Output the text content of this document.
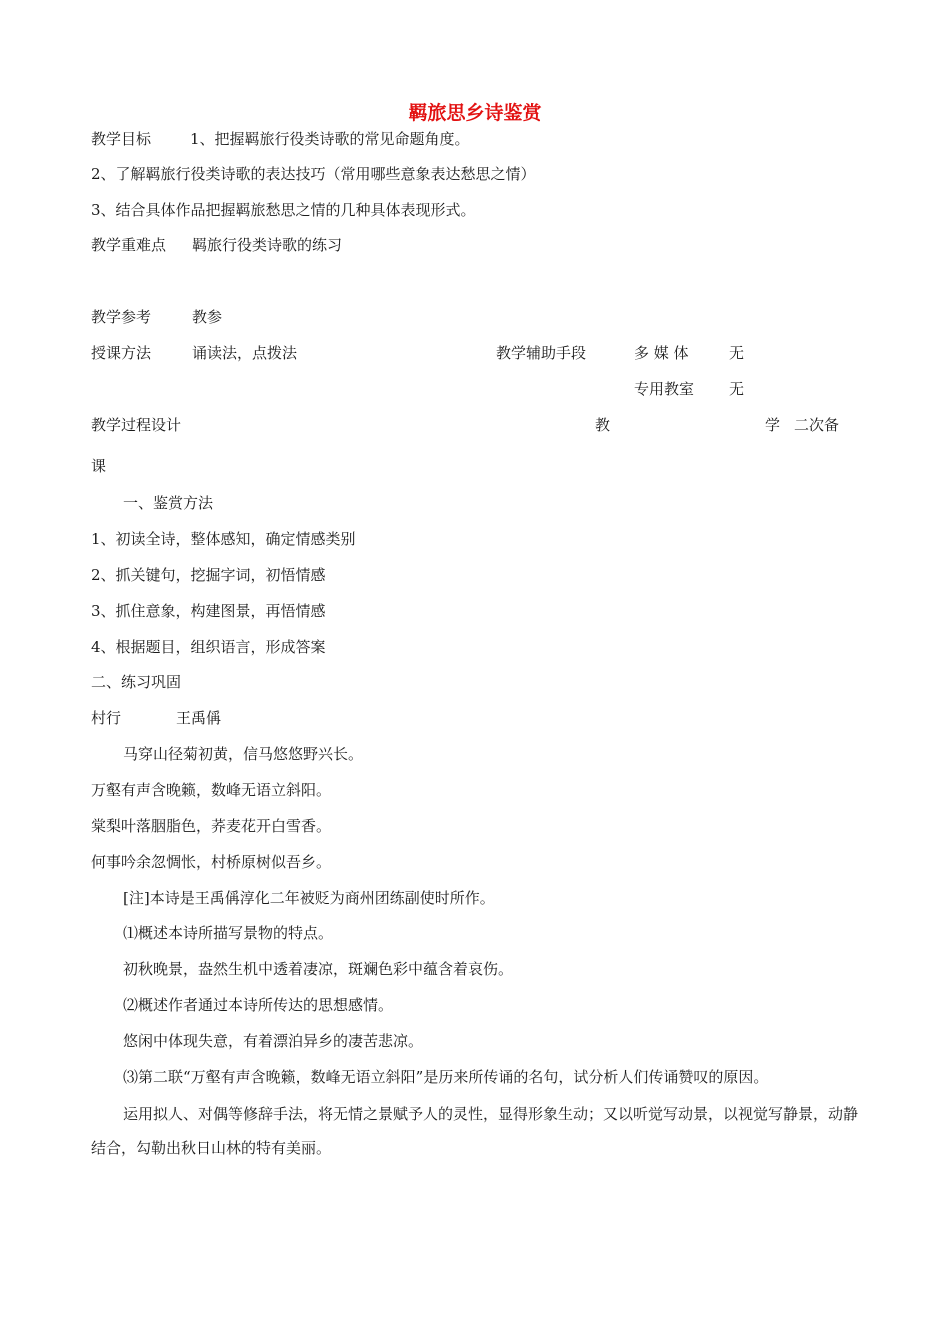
羁旅思乡诗鉴赏
教学目标	1、把握羁旅行役类诗歌的常见命题角度。
2、了解羁旅行役类诗歌的表达技巧（常用哪些意象表达愁思之情）
3、结合具体作品把握羁旅愁思之情的几种具体表现形式。
教学重难点 羁旅行役类诗歌的练习
教学参考	教参
授课方法	诵读法，点拨法	教学辅助手段	多 媒 体	无
专用教室 无
教学过程设计	教	学 二次备
课
一、鉴赏方法
1、初读全诗，整体感知，确定情感类别
2、抓关键句，挖掘字词，初悟情感
3、抓住意象，构建图景，再悟情感
4、根据题目，组织语言，形成答案
二、练习巩固
村行	王禹偁
马穿山径菊初黄，信马悠悠野兴长。
万壑有声含晚籁，数峰无语立斜阳。
棠梨叶落胭脂色，荞麦花开白雪香。
何事吟余忽惆怅，村桥原树似吾乡。
[注]本诗是王禹偁淳化二年被贬为商州团练副使时所作。
⑴概述本诗所描写景物的特点。
初秋晚景，盎然生机中透着凄凉，斑斓色彩中蕴含着哀伤。
⑵概述作者通过本诗所传达的思想感情。
悠闲中体现失意，有着漂泊异乡的凄苦悲凉。
⑶第二联“万壑有声含晚籁，数峰无语立斜阳”是历来所传诵的名句，试分析人们传诵赞叹的原因。
运用拟人、对偶等修辞手法，将无情之景赋予人的灵性，显得形象生动；又以听觉写动景，以视觉写静景，动静结合，勾勒出秋日山林的特有美丽。
